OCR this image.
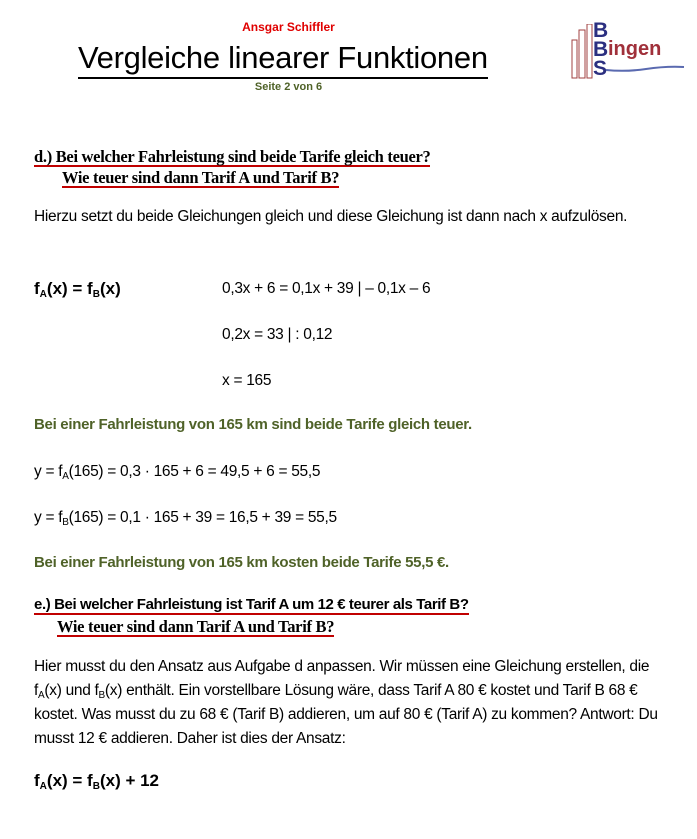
Ansgar Schiffler
Vergleiche linearer Funktionen
Seite 2 von 6
B
B
S
ingen
d.) Bei welcher Fahrleistung sind beide Tarife gleich teuer?
Wie teuer sind dann Tarif A und Tarif B?
Hierzu setzt du beide Gleichungen gleich und diese Gleichung ist dann nach x aufzulösen.
$f_A(x) = f_B(x)$	0,3x + 6 = 0,1x + 39 | – 0,1x – 6
0,2x = 33 | : 0,12
x = 165
Bei einer Fahrleistung von 165 km sind beide Tarife gleich teuer.
$y = f_A(165) = 0,3 \cdot 165 + 6 = 49,5 + 6 = 55,5$
$y = f_B(165) = 0,1 \cdot 165 + 39 = 16,5 + 39 = 55,5$
Bei einer Fahrleistung von 165 km kosten beide Tarife 55,5 €.
e.) Bei welcher Fahrleistung ist Tarif A um 12 € teurer als Tarif B?
Wie teuer sind dann Tarif A und Tarif B?
Hier musst du den Ansatz aus Aufgabe d anpassen. Wir müssen eine Gleichung erstellen, die $f_A(x)$ und $f_B(x)$ enthält. Ein vorstellbare Lösung wäre, dass Tarif A 80 € kostet und Tarif B 68 € kostet. Was musst du zu 68 € (Tarif B) addieren, um auf 80 € (Tarif A) zu kommen? Antwort: Du musst 12 € addieren. Daher ist dies der Ansatz:
$f_A(x) = f_B(x) + 12$
